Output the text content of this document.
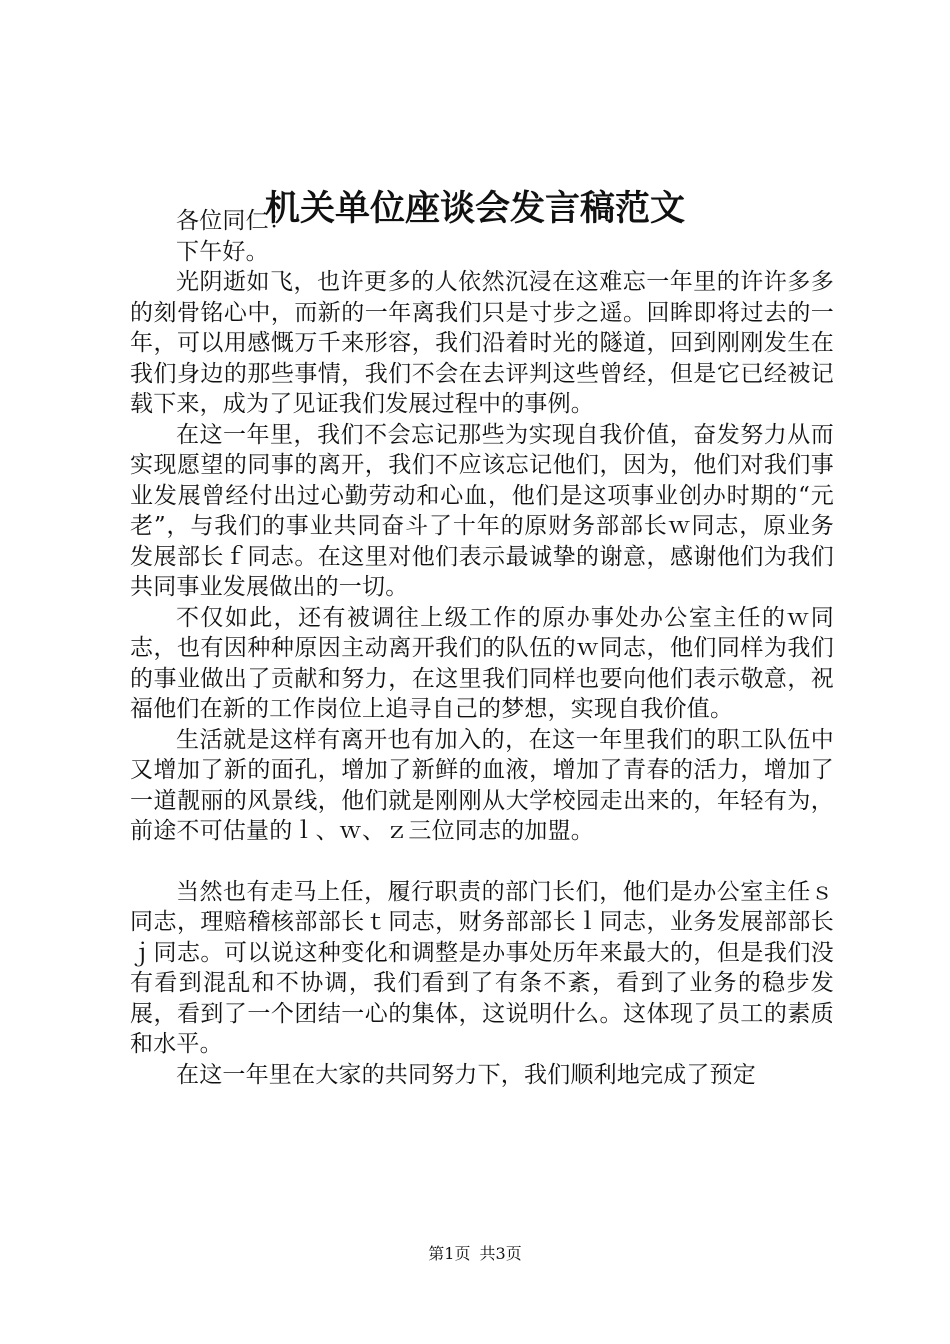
机关单位座谈会发言稿范文

各位同仁：

下午好。

光阴逝如飞，也许更多的人依然沉浸在这难忘一年里的许许多多的刻骨铭心中，而新的一年离我们只是寸步之遥。回眸即将过去的一年，可以用感慨万千来形容，我们沿着时光的隧道，回到刚刚发生在我们身边的那些事情，我们不会在去评判这些曾经，但是它已经被记载下来，成为了见证我们发展过程中的事例。

在这一年里，我们不会忘记那些为实现自我价值，奋发努力从而实现愿望的同事的离开，我们不应该忘记他们，因为，他们对我们事业发展曾经付出过心勤劳动和心血，他们是这项事业创办时期的“元老”，与我们的事业共同奋斗了十年的原财务部部长ｗ同志，原业务发展部长ｆ同志。在这里对他们表示最诚挚的谢意，感谢他们为我们共同事业发展做出的一切。

不仅如此，还有被调往上级工作的原办事处办公室主任的ｗ同志，也有因种种原因主动离开我们的队伍的ｗ同志，他们同样为我们的事业做出了贡献和努力，在这里我们同样也要向他们表示敬意，祝福他们在新的工作岗位上追寻自己的梦想，实现自我价值。

生活就是这样有离开也有加入的，在这一年里我们的职工队伍中又增加了新的面孔，增加了新鲜的血液，增加了青春的活力，增加了一道靓丽的风景线，他们就是刚刚从大学校园走出来的，年轻有为，前途不可估量的ｌ、ｗ、ｚ三位同志的加盟。

当然也有走马上任，履行职责的部门长们，他们是办公室主任ｓ同志，理赔稽核部部长ｔ同志，财务部部长ｌ同志，业务发展部部长ｊ同志。可以说这种变化和调整是办事处历年来最大的，但是我们没有看到混乱和不协调，我们看到了有条不紊，看到了业务的稳步发展，看到了一个团结一心的集体，这说明什么。这体现了员工的素质和水平。

在这一年里在大家的共同努力下，我们顺利地完成了预定

第1页 共3页
